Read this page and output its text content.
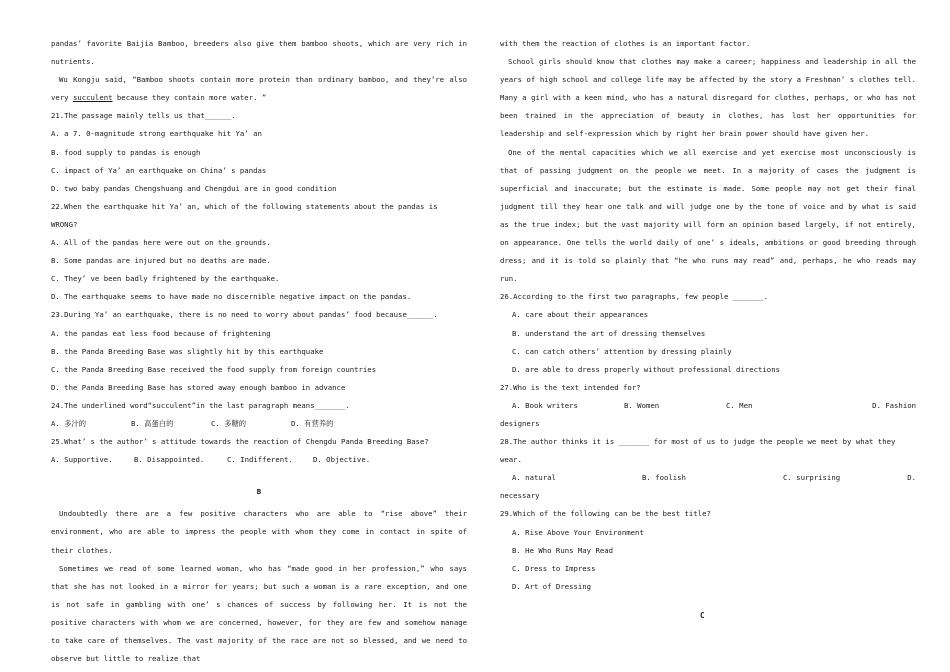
pandas’ favorite Baijia Bamboo, breeders also give them bamboo shoots, which are very rich in nutrients.

Wu Kongju said, “Bamboo shoots contain more protein than ordinary bamboo, and they’re also very succulent because they contain more water. ”

21.The passage mainly tells us that______.

A. a 7. 0-magnitude strong earthquake hit Ya’ an

B. food supply to pandas is enough

C. impact of Ya’ an earthquake on China’ s pandas

D. two baby pandas Chengshuang and Chengdui are in good condition

22.When the earthquake hit Ya’ an, which of the following statements about the pandas is WRONG?

A. All of the pandas here were out on the grounds.

B. Some pandas are injured but no deaths are made.

C. They’ ve been badly frightened by the earthquake.

D. The earthquake seems to have made no discernible negative impact on the pandas.

23.During Ya’ an earthquake, there is no need to worry about pandas’ food because______.

A. the pandas eat less food because of frightening

B. the Panda Breeding Base was slightly hit by this earthquake

C. the Panda Breeding Base received the food supply from foreign countries

D. the Panda Breeding Base has stored away enough bamboo in advance

24.The underlined word“succulent”in the last paragraph means_______.

A. 多汁的	B. 高蛋白的	C. 多糖的	D. 有营养的

25.What’ s the author’ s attitude towards the reaction of Chengdu Panda Breeding Base?

A. Supportive.	B. Disappointed.	C. Indifferent.	D. Objective.

B

Undoubtedly there are a few positive characters who are able to “rise above” their environment, who are able to impress the people with whom they come in contact in spite of their clothes.

Sometimes we read of some learned woman, who has “made good in her profession,” who says that she has not looked in a mirror for years; but such a woman is a rare exception, and one is not safe in gambling with one’ s chances of success by following her. It is not the positive characters with whom we are concerned, however, for they are few and somehow manage to take care of themselves. The vast majority of the race are not so blessed, and we need to observe but little to realize that

with them the reaction of clothes is an important factor.

School girls should know that clothes may make a career; happiness and leadership in all the years of high school and college life may be affected by the story a Freshman’ s clothes tell. Many a girl with a keen mind, who has a natural disregard for clothes, perhaps, or who has not been trained in the appreciation of beauty in clothes, has lost her opportunities for leadership and self-expression which by right her brain power should have given her.

One of the mental capacities which we all exercise and yet exercise most unconsciously is that of passing judgment on the people we meet. In a majority of cases the judgment is superficial and inaccurate; but the estimate is made. Some people may not get their final judgment till they hear one talk and will judge one by the tone of voice and by what is said as the true index; but the vast majority will form an opinion based largely, if not entirely, on appearance. One tells the world daily of one’ s ideals, ambitions or good breeding through dress; and it is told so plainly that “he who runs may read” and, perhaps, he who reads may run.

26.According to the first two paragraphs, few people _______.

A. care about their appearances

B. understand the art of dressing themselves

C. can catch others’ attention by dressing plainly

D. are able to dress properly without professional directions

27.Who is the text intended for?

A. Book writers	B. Women	C. Men	D. Fashion

designers

28.The author thinks it is _______ for most of us to judge the people we meet by what they wear.

A. natural	B. foolish	C. surprising	D.

necessary

29.Which of the following can be the best title?

A. Rise Above Your Environment

B. He Who Runs May Read

C. Dress to Impress

D. Art of Dressing

C
